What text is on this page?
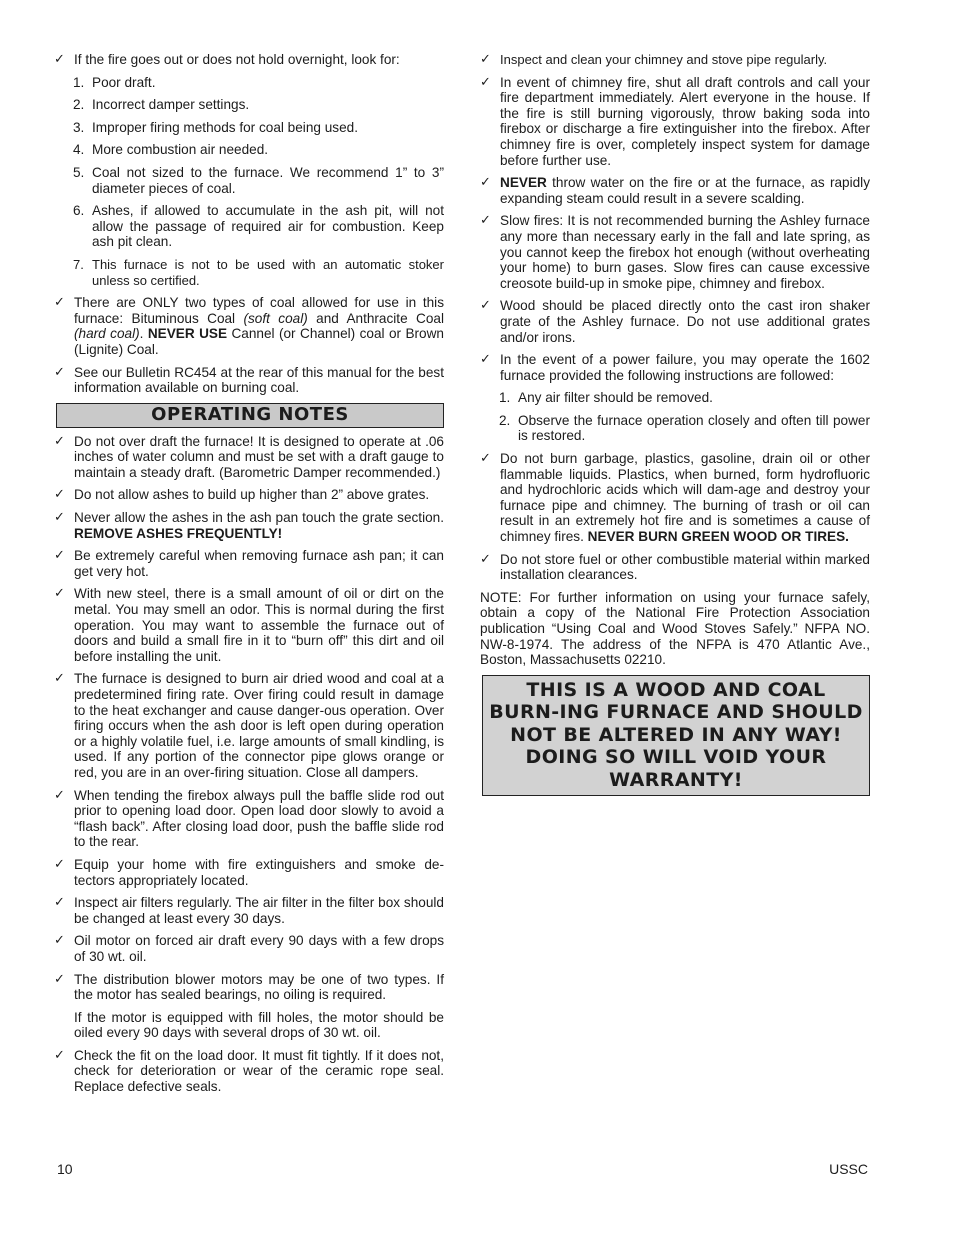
✓ If the fire goes out or does not hold overnight, look for:
1. Poor draft.
2. Incorrect damper settings.
3. Improper firing methods for coal being used.
4. More combustion air needed.
5. Coal not sized to the furnace. We recommend 1” to 3” diameter pieces of coal.
6. Ashes, if allowed to accumulate in the ash pit, will not allow the passage of required air for combustion. Keep ash pit clean.
7. This furnace is not to be used with an automatic stoker unless so certified.
✓ There are ONLY two types of coal allowed for use in this furnace: Bituminous Coal (soft coal) and Anthracite Coal (hard coal). NEVER USE Cannel (or Channel) coal or Brown (Lignite) Coal.
✓ See our Bulletin RC454 at the rear of this manual for the best information available on burning coal.
OPERATING NOTES
✓ Do not over draft the furnace! It is designed to operate at .06 inches of water column and must be set with a draft gauge to maintain a steady draft. (Barometric Damper recommended.)
✓ Do not allow ashes to build up higher than 2” above grates.
✓ Never allow the ashes in the ash pan touch the grate section. REMOVE ASHES FREQUENTLY!
✓ Be extremely careful when removing furnace ash pan; it can get very hot.
✓ With new steel, there is a small amount of oil or dirt on the metal. You may smell an odor. This is normal during the first operation. You may want to assemble the furnace out of doors and build a small fire in it to “burn off” this dirt and oil before installing the unit.
✓ The furnace is designed to burn air dried wood and coal at a predetermined firing rate. Over firing could result in damage to the heat exchanger and cause danger-ous operation. Over firing occurs when the ash door is left open during operation or a highly volatile fuel, i.e. large amounts of small kindling, is used. If any portion of the connector pipe glows orange or red, you are in an over-firing situation. Close all dampers.
✓ When tending the firebox always pull the baffle slide rod out prior to opening load door. Open load door slowly to avoid a “flash back”. After closing load door, push the baffle slide rod to the rear.
✓ Equip your home with fire extinguishers and smoke de-tectors appropriately located.
✓ Inspect air filters regularly. The air filter in the filter box should be changed at least every 30 days.
✓ Oil motor on forced air draft every 90 days with a few drops of 30 wt. oil.
✓ The distribution blower motors may be one of two types. If the motor has sealed bearings, no oiling is required.
If the motor is equipped with fill holes, the motor should be oiled every 90 days with several drops of 30 wt. oil.
✓ Check the fit on the load door. It must fit tightly. If it does not, check for deterioration or wear of the ceramic rope seal. Replace defective seals.
✓ Inspect and clean your chimney and stove pipe regularly.
✓ In event of chimney fire, shut all draft controls and call your fire department immediately. Alert everyone in the house. If the fire is still burning vigorously, throw baking soda into firebox or discharge a fire extinguisher into the firebox. After chimney fire is over, completely inspect system for damage before further use.
✓ NEVER throw water on the fire or at the furnace, as rapidly expanding steam could result in a severe scalding.
✓ Slow fires: It is not recommended burning the Ashley furnace any more than necessary early in the fall and late spring, as you cannot keep the firebox hot enough (without overheating your home) to burn gases. Slow fires can cause excessive creosote build-up in smoke pipe, chimney and firebox.
✓ Wood should be placed directly onto the cast iron shaker grate of the Ashley furnace. Do not use additional grates and/or irons.
✓ In the event of a power failure, you may operate the 1602 furnace provided the following instructions are followed:
1. Any air filter should be removed.
2. Observe the furnace operation closely and often till power is restored.
✓ Do not burn garbage, plastics, gasoline, drain oil or other flammable liquids. Plastics, when burned, form hydrofluoric and hydrochloric acids which will dam-age and destroy your furnace pipe and chimney. The burning of trash or oil can result in an extremely hot fire and is sometimes a cause of chimney fires. NEVER BURN GREEN WOOD OR TIRES.
✓ Do not store fuel or other combustible material within marked installation clearances.
NOTE: For further information on using your furnace safely, obtain a copy of the National Fire Protection Association publication “Using Coal and Wood Stoves Safely.” NFPA NO. NW-8-1974. The address of the NFPA is 470 Atlantic Ave., Boston, Massachusetts 02210.
THIS IS A WOOD AND COAL BURN-ING FURNACE AND SHOULD NOT BE ALTERED IN ANY WAY! DOING SO WILL VOID YOUR WARRANTY!
10	USSC
